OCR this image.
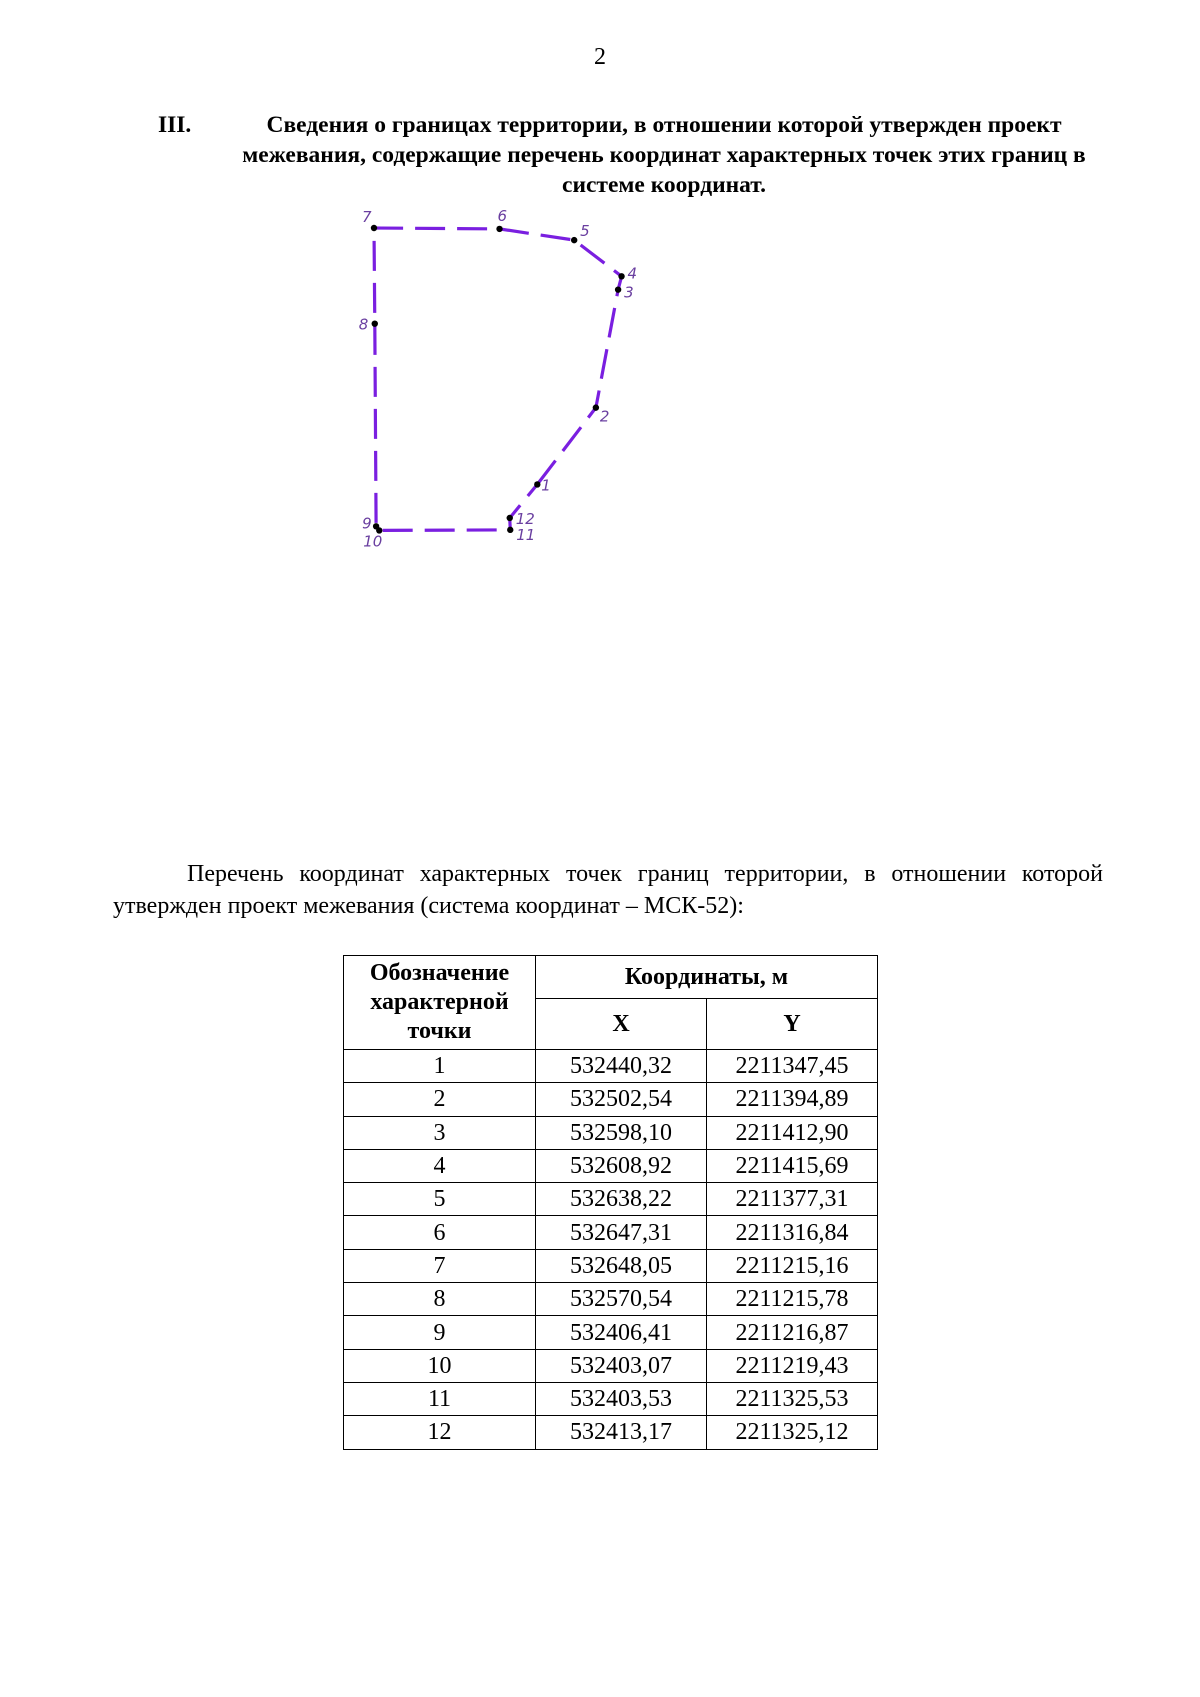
2
III.	Сведения о границах территории, в отношении которой утвержден проект межевания, содержащие перечень координат характерных точек этих границ в системе координат.
1
2
3
4
5
6
7
8
9
10	11
12
Перечень координат характерных точек границ территории, в отношении которой утвержден проект межевания (система координат – МСК-52):
Обозначение характерной точки	Координаты, м	
	X	Y
1	532440,32	2211347,45
2	532502,54	2211394,89
3	532598,10	2211412,90
4	532608,92	2211415,69
5	532638,22	2211377,31
6	532647,31	2211316,84
7	532648,05	2211215,16
8	532570,54	2211215,78
9	532406,41	2211216,87
10	532403,07	2211219,43
11	532403,53	2211325,53
12	532413,17	2211325,12
